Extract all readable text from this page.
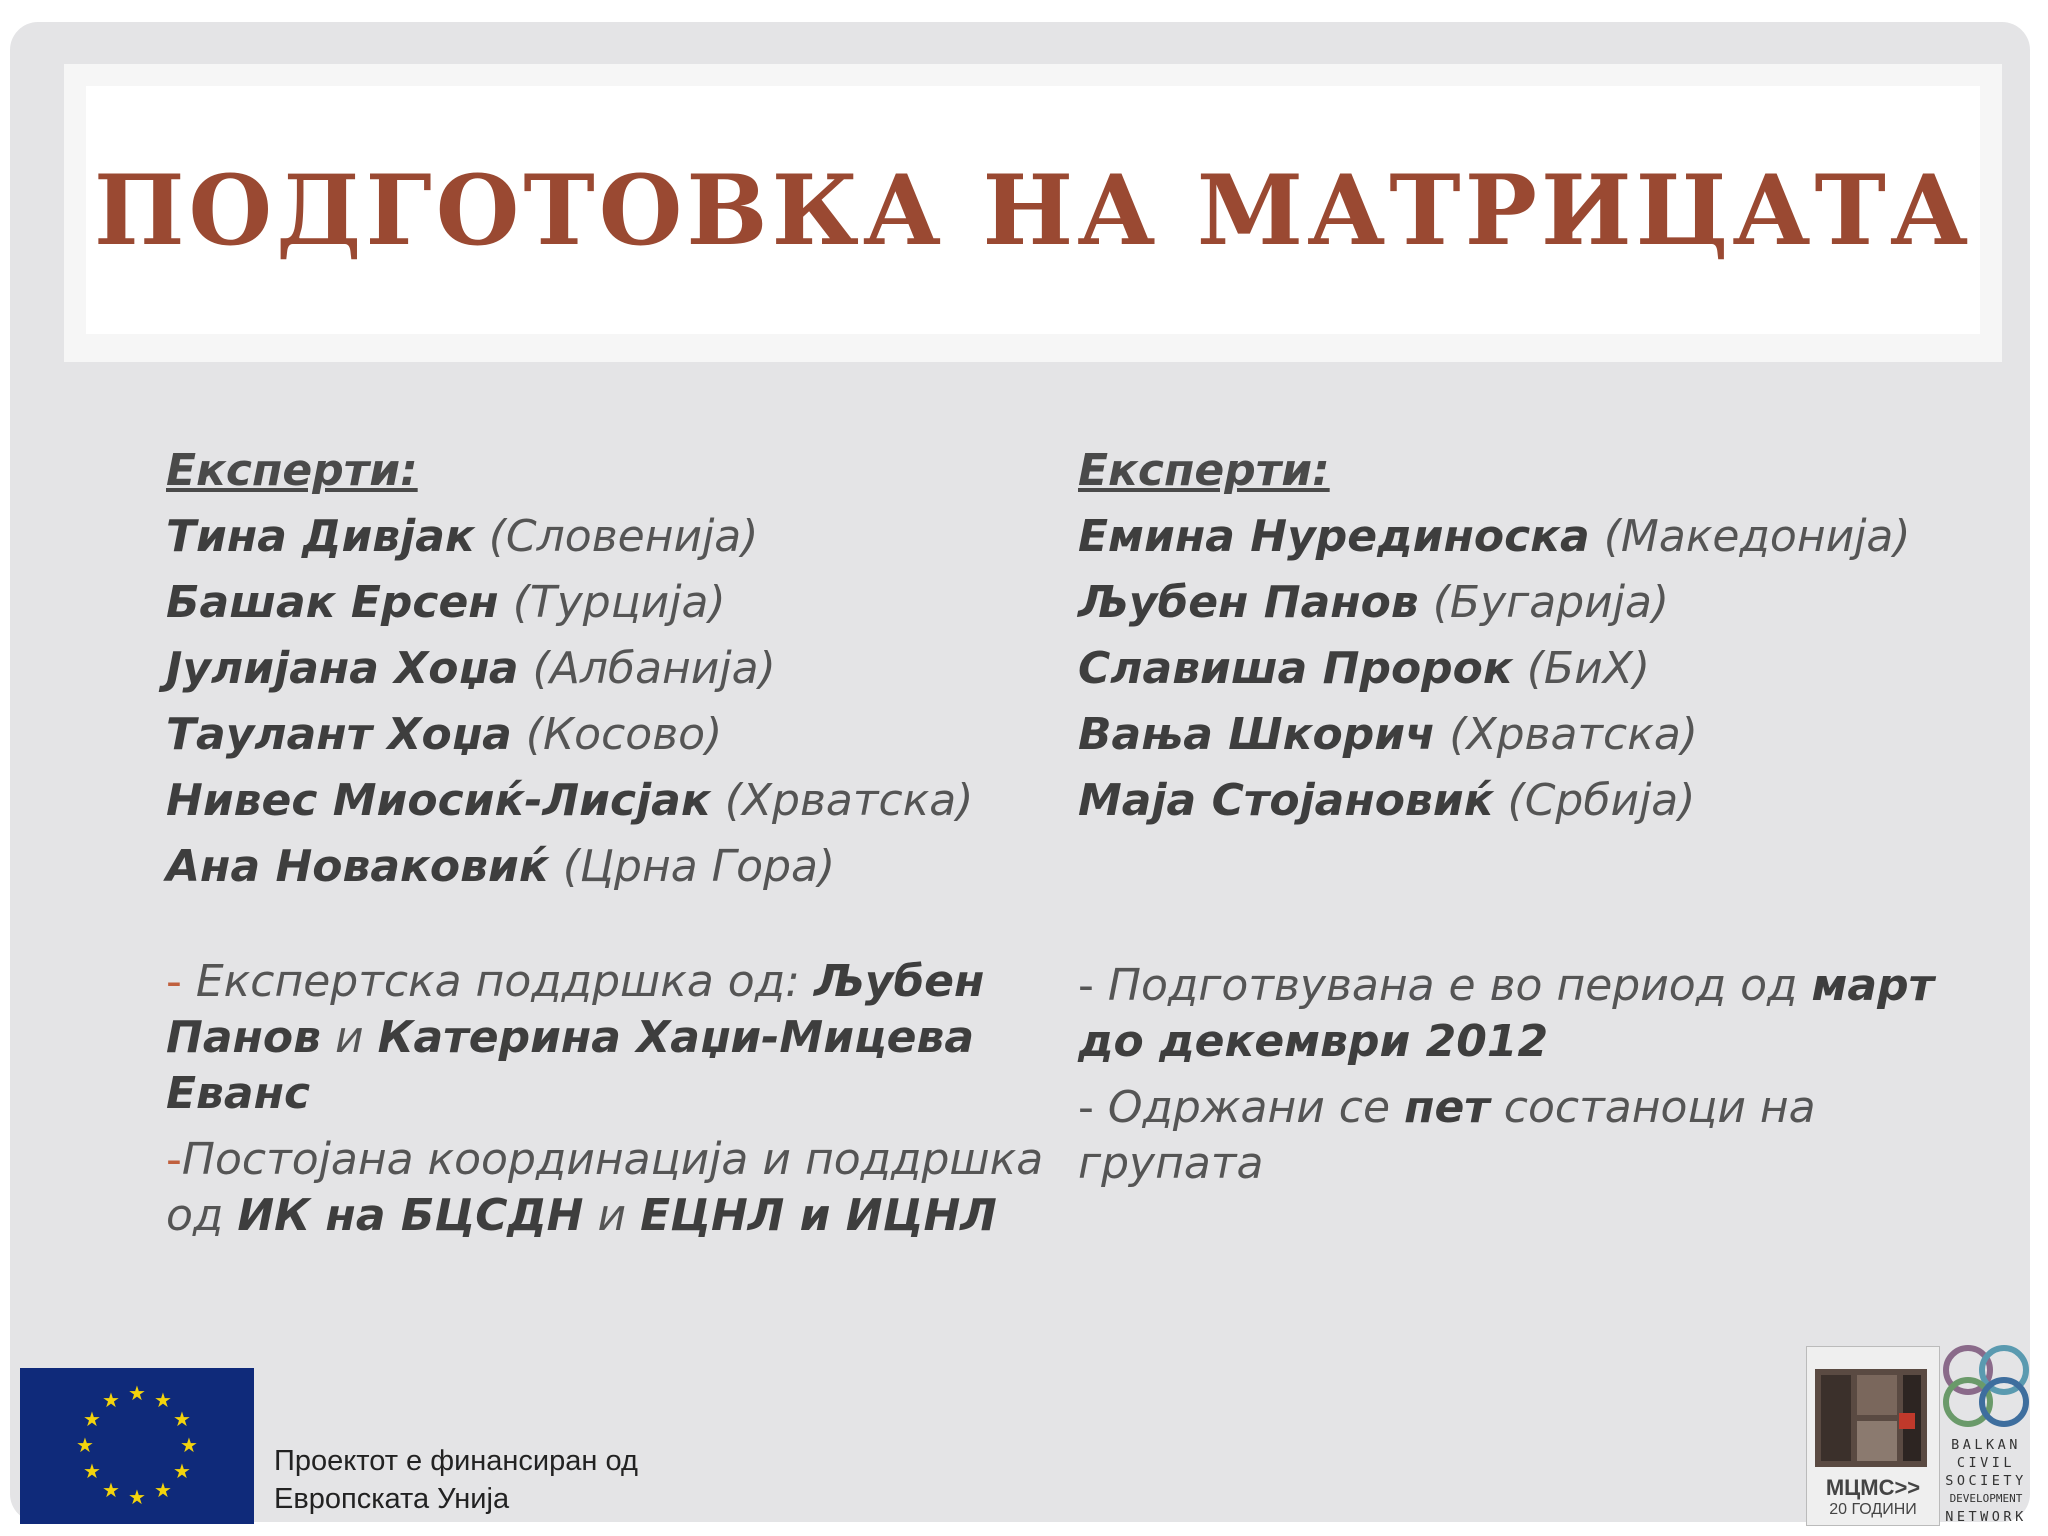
ПОДГОТОВКА НА МАТРИЦАТА
Експерти:
Тина Дивјак (Словенија)
Башак Ерсен (Турција)
Јулијана Хоџа (Албанија)
Таулант Хоџа (Косово)
Нивес Миосиќ-Лисјак (Хрватска)
Ана Новаковиќ (Црна Гора)

- Експертска поддршка од: Љубен Панов и Катерина Хаџи-Мицева Еванс

-Постојана координација и поддршка од ИК на БЦСДН и ЕЦНЛ и ИЦНЛ

Експерти:
Емина Нурединоска (Македонија)
Љубен Панов (Бугарија)
Славиша Пророк (БиХ)
Вања Шкорич (Хрватска)
Маја Стојановиќ (Србија)

- Подготвувана е во период од март до декември 2012

- Одржани се пет состаноци на групата

★ ★
★
★
★
★
★
★
★
★
★
★
Проектот е финансиран од
Европската Унија	МЦМС>>
20 ГОДИНИ
BALKAN
CIVIL
SOCIETY
DEVELOPMENT
NETWORK
